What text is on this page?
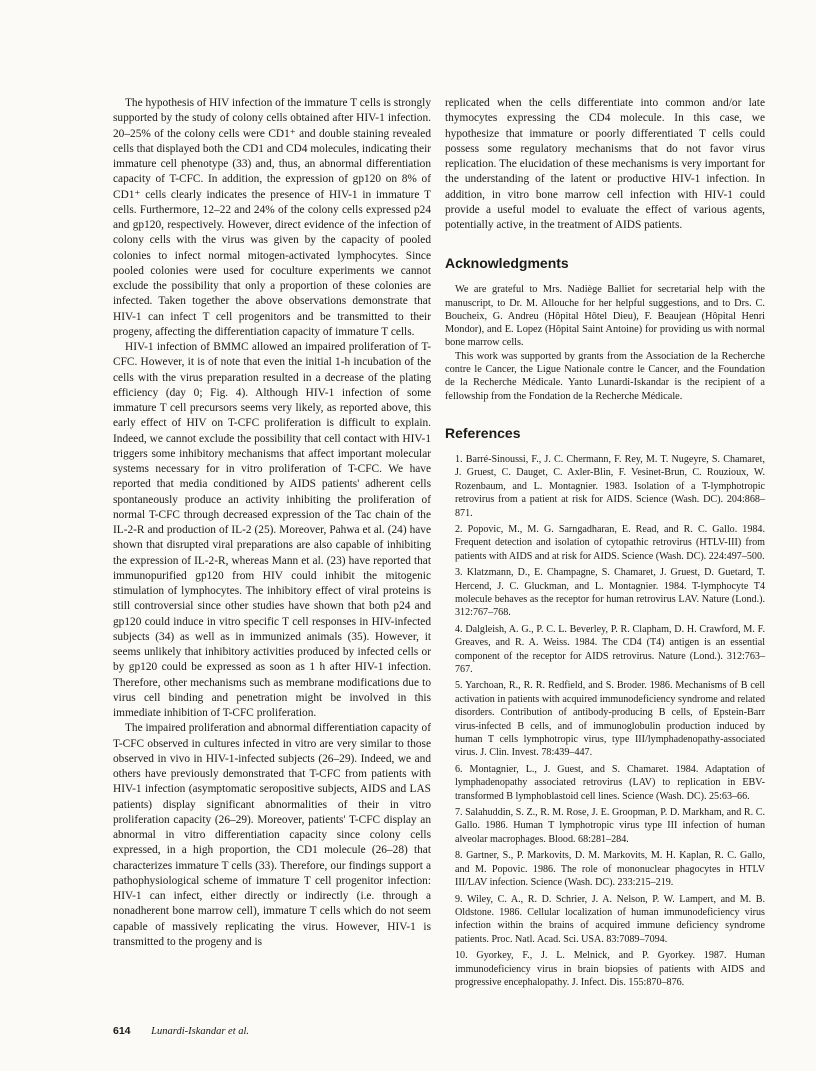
The hypothesis of HIV infection of the immature T cells is strongly supported by the study of colony cells obtained after HIV-1 infection. 20–25% of the colony cells were CD1⁺ and double staining revealed cells that displayed both the CD1 and CD4 molecules, indicating their immature cell phenotype (33) and, thus, an abnormal differentiation capacity of T-CFC. In addition, the expression of gp120 on 8% of CD1⁺ cells clearly indicates the presence of HIV-1 in immature T cells. Furthermore, 12–22 and 24% of the colony cells expressed p24 and gp120, respectively. However, direct evidence of the infection of colony cells with the virus was given by the capacity of pooled colonies to infect normal mitogen-activated lymphocytes. Since pooled colonies were used for coculture experiments we cannot exclude the possibility that only a proportion of these colonies are infected. Taken together the above observations demonstrate that HIV-1 can infect T cell progenitors and be transmitted to their progeny, affecting the differentiation capacity of immature T cells.

HIV-1 infection of BMMC allowed an impaired proliferation of T-CFC. However, it is of note that even the initial 1-h incubation of the cells with the virus preparation resulted in a decrease of the plating efficiency (day 0; Fig. 4). Although HIV-1 infection of some immature T cell precursors seems very likely, as reported above, this early effect of HIV on T-CFC proliferation is difficult to explain. Indeed, we cannot exclude the possibility that cell contact with HIV-1 triggers some inhibitory mechanisms that affect important molecular systems necessary for in vitro proliferation of T-CFC. We have reported that media conditioned by AIDS patients' adherent cells spontaneously produce an activity inhibiting the proliferation of normal T-CFC through decreased expression of the Tac chain of the IL-2-R and production of IL-2 (25). Moreover, Pahwa et al. (24) have shown that disrupted viral preparations are also capable of inhibiting the expression of IL-2-R, whereas Mann et al. (23) have reported that immunopurified gp120 from HIV could inhibit the mitogenic stimulation of lymphocytes. The inhibitory effect of viral proteins is still controversial since other studies have shown that both p24 and gp120 could induce in vitro specific T cell responses in HIV-infected subjects (34) as well as in immunized animals (35). However, it seems unlikely that inhibitory activities produced by infected cells or by gp120 could be expressed as soon as 1 h after HIV-1 infection. Therefore, other mechanisms such as membrane modifications due to virus cell binding and penetration might be involved in this immediate inhibition of T-CFC proliferation.

The impaired proliferation and abnormal differentiation capacity of T-CFC observed in cultures infected in vitro are very similar to those observed in vivo in HIV-1-infected subjects (26–29). Indeed, we and others have previously demonstrated that T-CFC from patients with HIV-1 infection (asymptomatic seropositive subjects, AIDS and LAS patients) display significant abnormalities of their in vitro proliferation capacity (26–29). Moreover, patients' T-CFC display an abnormal in vitro differentiation capacity since colony cells expressed, in a high proportion, the CD1 molecule (26–28) that characterizes immature T cells (33). Therefore, our findings support a pathophysiological scheme of immature T cell progenitor infection: HIV-1 can infect, either directly or indirectly (i.e. through a nonadherent bone marrow cell), immature T cells which do not seem capable of massively replicating the virus. However, HIV-1 is transmitted to the progeny and is

replicated when the cells differentiate into common and/or late thymocytes expressing the CD4 molecule. In this case, we hypothesize that immature or poorly differentiated T cells could possess some regulatory mechanisms that do not favor virus replication. The elucidation of these mechanisms is very important for the understanding of the latent or productive HIV-1 infection. In addition, in vitro bone marrow cell infection with HIV-1 could provide a useful model to evaluate the effect of various agents, potentially active, in the treatment of AIDS patients.

Acknowledgments

We are grateful to Mrs. Nadiège Balliet for secretarial help with the manuscript, to Dr. M. Allouche for her helpful suggestions, and to Drs. C. Boucheix, G. Andreu (Hôpital Hôtel Dieu), F. Beaujean (Hôpital Henri Mondor), and E. Lopez (Hôpital Saint Antoine) for providing us with normal bone marrow cells.

This work was supported by grants from the Association de la Recherche contre le Cancer, the Ligue Nationale contre le Cancer, and the Foundation de la Recherche Médicale. Yanto Lunardi-Iskandar is the recipient of a fellowship from the Fondation de la Recherche Médicale.

References
1. Barré-Sinoussi, F., J. C. Chermann, F. Rey, M. T. Nugeyre, S. Chamaret, J. Gruest, C. Dauget, C. Axler-Blin, F. Vesinet-Brun, C. Rouzioux, W. Rozenbaum, and L. Montagnier. 1983. Isolation of a T-lymphotropic retrovirus from a patient at risk for AIDS. Science (Wash. DC). 204:868–871.
2. Popovic, M., M. G. Sarngadharan, E. Read, and R. C. Gallo. 1984. Frequent detection and isolation of cytopathic retrovirus (HTLV-III) from patients with AIDS and at risk for AIDS. Science (Wash. DC). 224:497–500.
3. Klatzmann, D., E. Champagne, S. Chamaret, J. Gruest, D. Guetard, T. Hercend, J. C. Gluckman, and L. Montagnier. 1984. T-lymphocyte T4 molecule behaves as the receptor for human retrovirus LAV. Nature (Lond.). 312:767–768.
4. Dalgleish, A. G., P. C. L. Beverley, P. R. Clapham, D. H. Crawford, M. F. Greaves, and R. A. Weiss. 1984. The CD4 (T4) antigen is an essential component of the receptor for AIDS retrovirus. Nature (Lond.). 312:763–767.
5. Yarchoan, R., R. R. Redfield, and S. Broder. 1986. Mechanisms of B cell activation in patients with acquired immunodeficiency syndrome and related disorders. Contribution of antibody-producing B cells, of Epstein-Barr virus-infected B cells, and of immunoglobulin production induced by human T cells lymphotropic virus, type III/lymphadenopathy-associated virus. J. Clin. Invest. 78:439–447.
6. Montagnier, L., J. Guest, and S. Chamaret. 1984. Adaptation of lymphadenopathy associated retrovirus (LAV) to replication in EBV-transformed B lymphoblastoid cell lines. Science (Wash. DC). 25:63–66.
7. Salahuddin, S. Z., R. M. Rose, J. E. Groopman, P. D. Markham, and R. C. Gallo. 1986. Human T lymphotropic virus type III infection of human alveolar macrophages. Blood. 68:281–284.
8. Gartner, S., P. Markovits, D. M. Markovits, M. H. Kaplan, R. C. Gallo, and M. Popovic. 1986. The role of mononuclear phagocytes in HTLV III/LAV infection. Science (Wash. DC). 233:215–219.
9. Wiley, C. A., R. D. Schrier, J. A. Nelson, P. W. Lampert, and M. B. Oldstone. 1986. Cellular localization of human immunodeficiency virus infection within the brains of acquired immune deficiency syndrome patients. Proc. Natl. Acad. Sci. USA. 83:7089–7094.
10. Gyorkey, F., J. L. Melnick, and P. Gyorkey. 1987. Human immunodeficiency virus in brain biopsies of patients with AIDS and progressive encephalopathy. J. Infect. Dis. 155:870–876.
614 Lunardi-Iskandar et al.
